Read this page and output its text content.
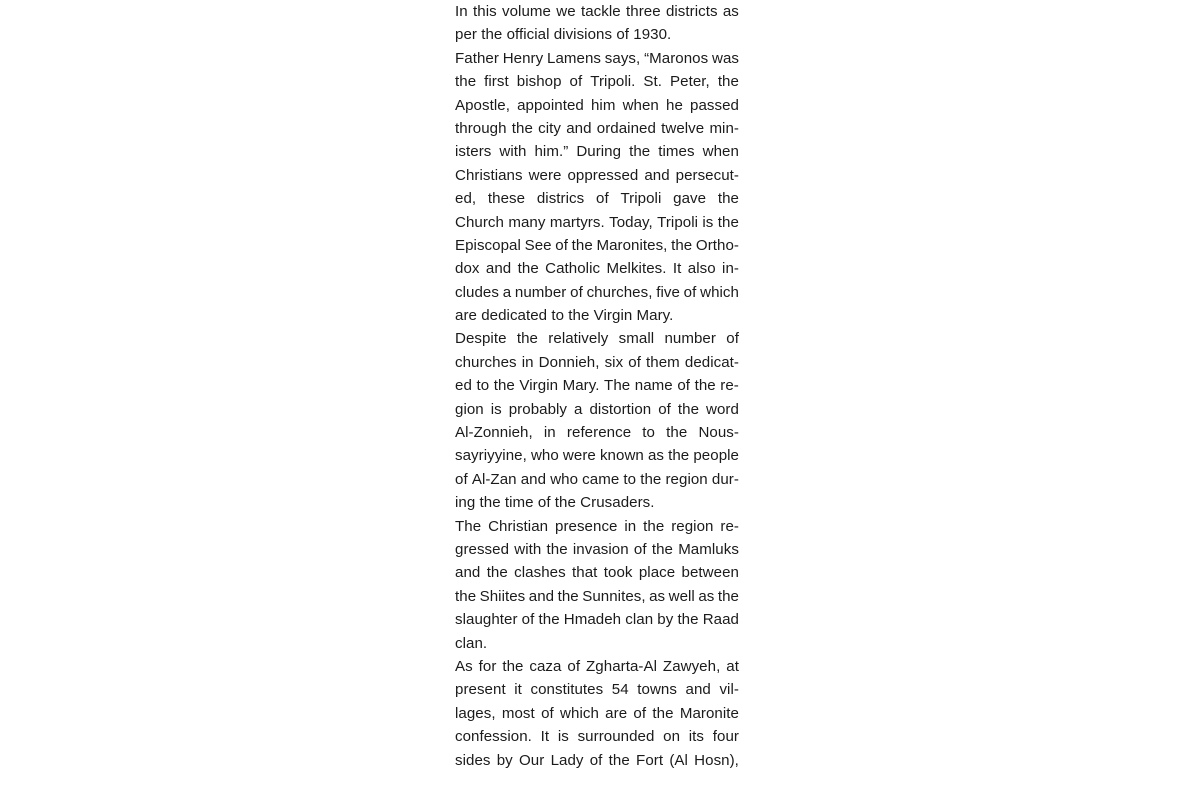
In this volume we tackle three districts as
per the official divisions of 1930.
Father Henry Lamens says, “Maronos was
the first bishop of Tripoli. St. Peter, the
Apostle, appointed him when he passed
through the city and ordained twelve min-
isters with him.” During the times when
Christians were oppressed and persecut-
ed, these districs of Tripoli gave the
Church many martyrs. Today, Tripoli is the
Episcopal See of the Maronites, the Ortho-
dox and the Catholic Melkites. It also in-
cludes a number of churches, five of which
are dedicated to the Virgin Mary.
Despite the relatively small number of
churches in Donnieh, six of them dedicat-
ed to the Virgin Mary. The name of the re-
gion is probably a distortion of the word
Al-Zonnieh, in reference to the Nous-
sayriyyine, who were known as the people
of Al-Zan and who came to the region dur-
ing the time of the Crusaders.
The Christian presence in the region re-
gressed with the invasion of the Mamluks
and the clashes that took place between
the Shiites and the Sunnites, as well as the
slaughter of the Hmadeh clan by the Raad
clan.
As for the caza of Zgharta-Al Zawyeh, at
present it constitutes 54 towns and vil-
lages, most of which are of the Maronite
confession. It is surrounded on its four
sides by Our Lady of the Fort (Al Hosn),
